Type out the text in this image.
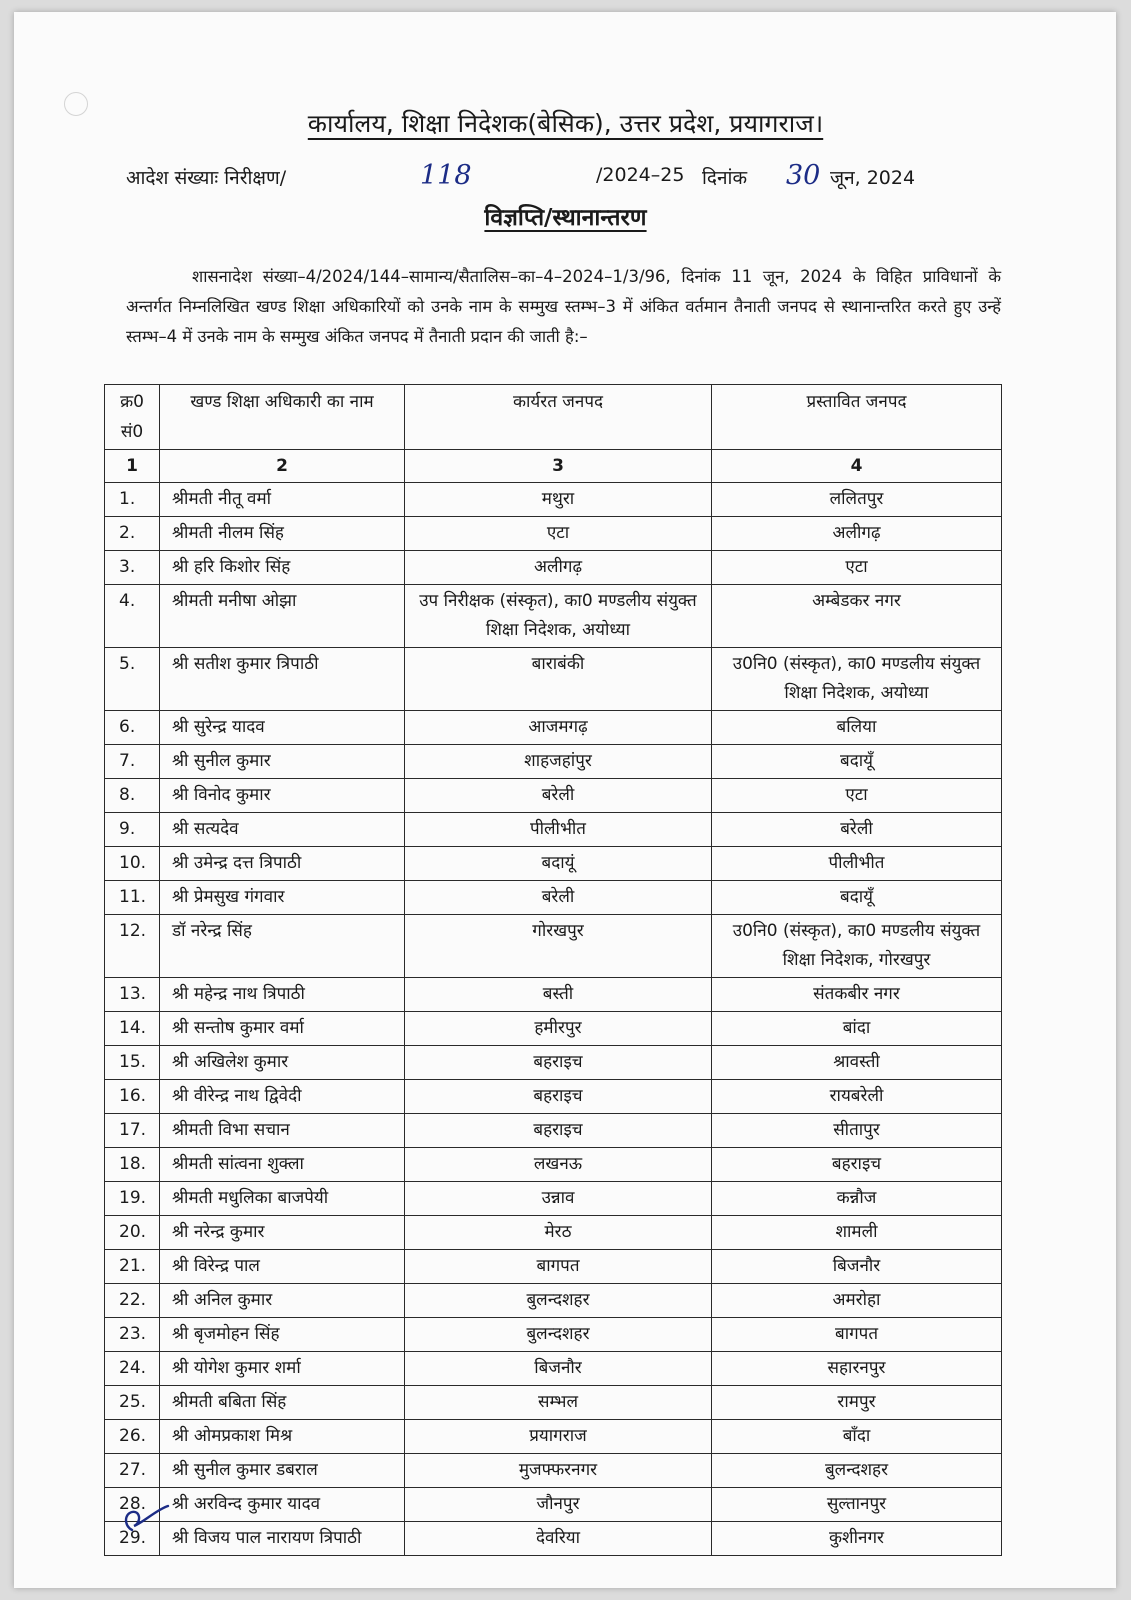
कार्यालय, शिक्षा निदेशक(बेसिक), उत्तर प्रदेश, प्रयागराज।
आदेश संख्याः निरीक्षण/	118	/2024–25 दिनांक 30 जून, 2024
विज्ञप्ति/स्थानान्तरण
शासनादेश संख्या–4/2024/144–सामान्य/सैतालिस–का–4–2024–1/3/96, दिनांक 11 जून, 2024 के विहित प्राविधानों के अन्तर्गत निम्नलिखित खण्ड शिक्षा अधिकारियों को उनके नाम के सम्मुख स्तम्भ–3 में अंकित वर्तमान तैनाती जनपद से स्थानान्तरित करते हुए उन्हें स्तम्भ–4 में उनके नाम के सम्मुख अंकित जनपद में तैनाती प्रदान की जाती है:–
क्र0 सं0	खण्ड शिक्षा अधिकारी का नाम	कार्यरत जनपद	प्रस्तावित जनपद
1	2	3	4
1.	श्रीमती नीतू वर्मा	मथुरा	ललितपुर
2.	श्रीमती नीलम सिंह	एटा	अलीगढ़
3.	श्री हरि किशोर सिंह	अलीगढ़	एटा
4.	श्रीमती मनीषा ओझा	उप निरीक्षक (संस्कृत), का0 मण्डलीय संयुक्त शिक्षा निदेशक, अयोध्या	अम्बेडकर नगर
5.	श्री सतीश कुमार त्रिपाठी	बाराबंकी	उ0नि0 (संस्कृत), का0 मण्डलीय संयुक्त शिक्षा निदेशक, अयोध्या
6.	श्री सुरेन्द्र यादव	आजमगढ़	बलिया
7.	श्री सुनील कुमार	शाहजहांपुर	बदायूँ
8.	श्री विनोद कुमार	बरेली	एटा
9.	श्री सत्यदेव	पीलीभीत	बरेली
10.	श्री उमेन्द्र दत्त त्रिपाठी	बदायूं	पीलीभीत
11.	श्री प्रेमसुख गंगवार	बरेली	बदायूँ
12.	डॉ नरेन्द्र सिंह	गोरखपुर	उ0नि0 (संस्कृत), का0 मण्डलीय संयुक्त शिक्षा निदेशक, गोरखपुर
13.	श्री महेन्द्र नाथ त्रिपाठी	बस्ती	संतकबीर नगर
14.	श्री सन्तोष कुमार वर्मा	हमीरपुर	बांदा
15.	श्री अखिलेश कुमार	बहराइच	श्रावस्ती
16.	श्री वीरेन्द्र नाथ द्विवेदी	बहराइच	रायबरेली
17.	श्रीमती विभा सचान	बहराइच	सीतापुर
18.	श्रीमती सांत्वना शुक्ला	लखनऊ	बहराइच
19.	श्रीमती मधुलिका बाजपेयी	उन्नाव	कन्नौज
20.	श्री नरेन्द्र कुमार	मेरठ	शामली
21.	श्री विरेन्द्र पाल	बागपत	बिजनौर
22.	श्री अनिल कुमार	बुलन्दशहर	अमरोहा
23.	श्री बृजमोहन सिंह	बुलन्दशहर	बागपत
24.	श्री योगेश कुमार शर्मा	बिजनौर	सहारनपुर
25.	श्रीमती बबिता सिंह	सम्भल	रामपुर
26.	श्री ओमप्रकाश मिश्र	प्रयागराज	बाँदा
27.	श्री सुनील कुमार डबराल	मुजफ्फरनगर	बुलन्दशहर
28.	श्री अरविन्द कुमार यादव	जौनपुर	सुल्तानपुर
29.	श्री विजय पाल नारायण त्रिपाठी	देवरिया	कुशीनगर
